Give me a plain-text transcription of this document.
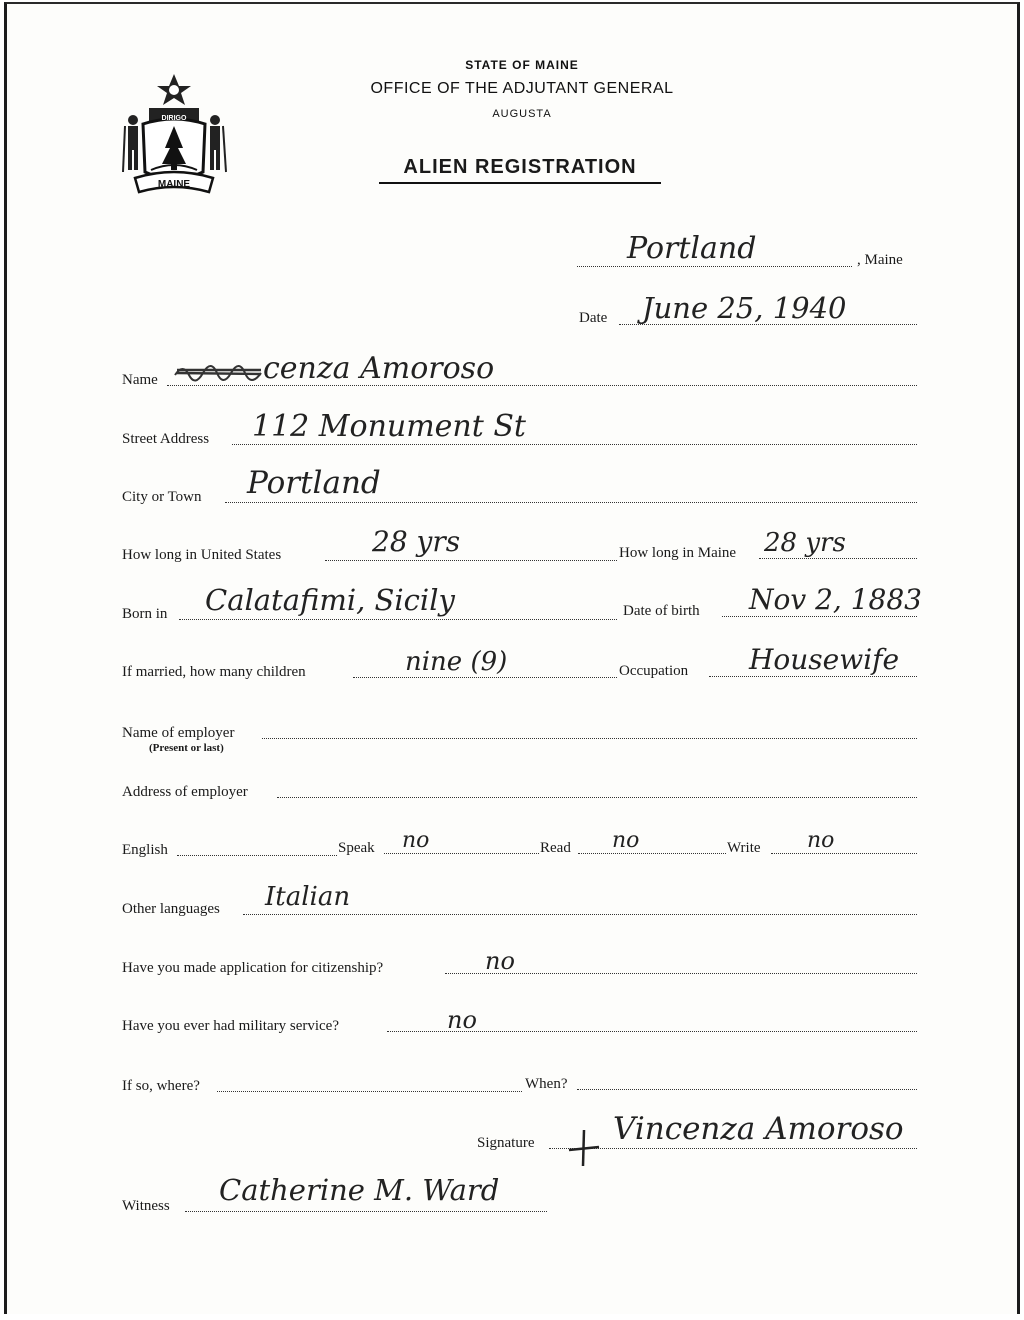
MAINE
DIRIGO
STATE OF MAINE
OFFICE OF THE ADJUTANT GENERAL
AUGUSTA
ALIEN REGISTRATION
Portland	, Maine
Date June 25, 1940
Name	cenza Amoroso
Street Address 112 Monument St
City or Town Portland
How long in United States	28 yrs	How long in Maine 28 yrs
Born in Calatafimi, Sicily	Date of birth Nov 2, 1883
If married, how many children	nine (9)	Occupation Housewife
Name of employer
(Present or last)
Address of employer
English	Speak no	Read no	Write no
Other languages Italian
Have you made application for citizenship?	no
Have you ever had military service?	no
If so, where?	When?
Signature	Vincenza Amoroso
Witness Catherine M. Ward
